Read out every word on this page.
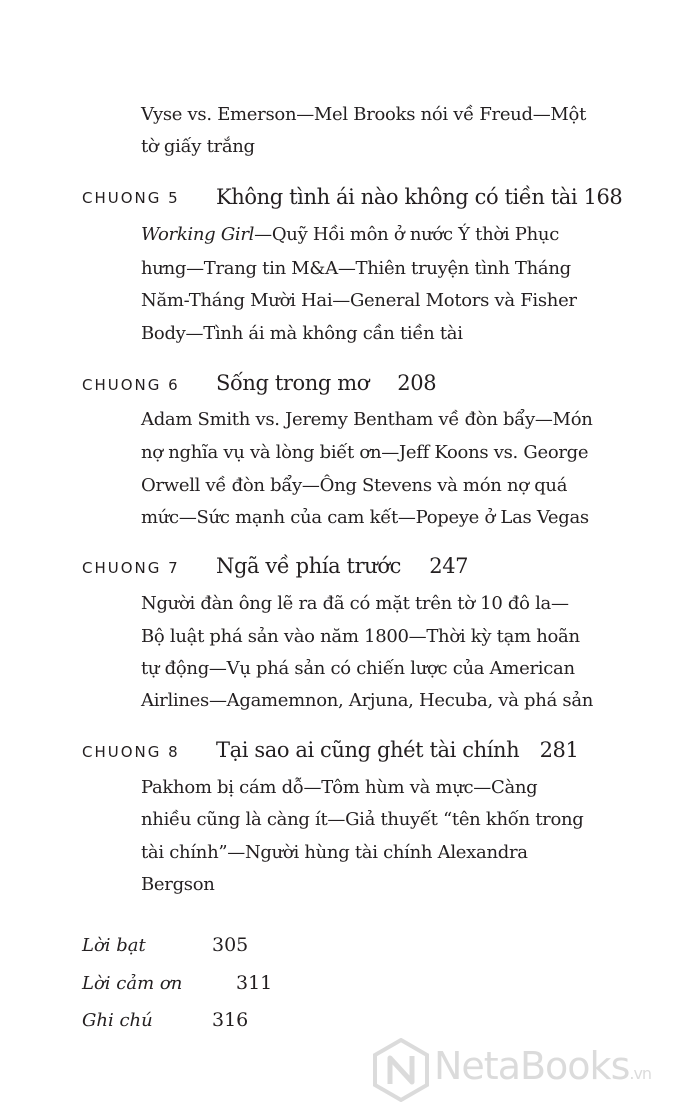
Vyse vs. Emerson—Mel Brooks nói về Freud—Một
tờ giấy trắng
CHUONG 5 Không tình ái nào không có tiền tài 168
Working Girl—Quỹ Hồi môn ở nước Ý thời Phục
hưng—Trang tin M&A—Thiên truyện tình Tháng
Năm-Tháng Mười Hai—General Motors và Fisher
Body—Tình ái mà không cần tiền tài
CHUONG 6 Sống trong mơ 208
Adam Smith vs. Jeremy Bentham về đòn bẩy—Món
nợ nghĩa vụ và lòng biết ơn—Jeff Koons vs. George
Orwell về đòn bẩy—Ông Stevens và món nợ quá
mức—Sức mạnh của cam kết—Popeye ở Las Vegas
CHUONG 7 Ngã về phía trước 247
Người đàn ông lẽ ra đã có mặt trên tờ 10 đô la—
Bộ luật phá sản vào năm 1800—Thời kỳ tạm hoãn
tự động—Vụ phá sản có chiến lược của American
Airlines—Agamemnon, Arjuna, Hecuba, và phá sản
CHUONG 8 Tại sao ai cũng ghét tài chính 281
Pakhom bị cám dỗ—Tôm hùm và mực—Càng
nhiều cũng là càng ít—Giả thuyết “tên khốn trong
tài chính”—Người hùng tài chính Alexandra
Bergson
Lời bạt	305
Lời cảm ơn	311
Ghi chú	316
NetaBooks.vn
